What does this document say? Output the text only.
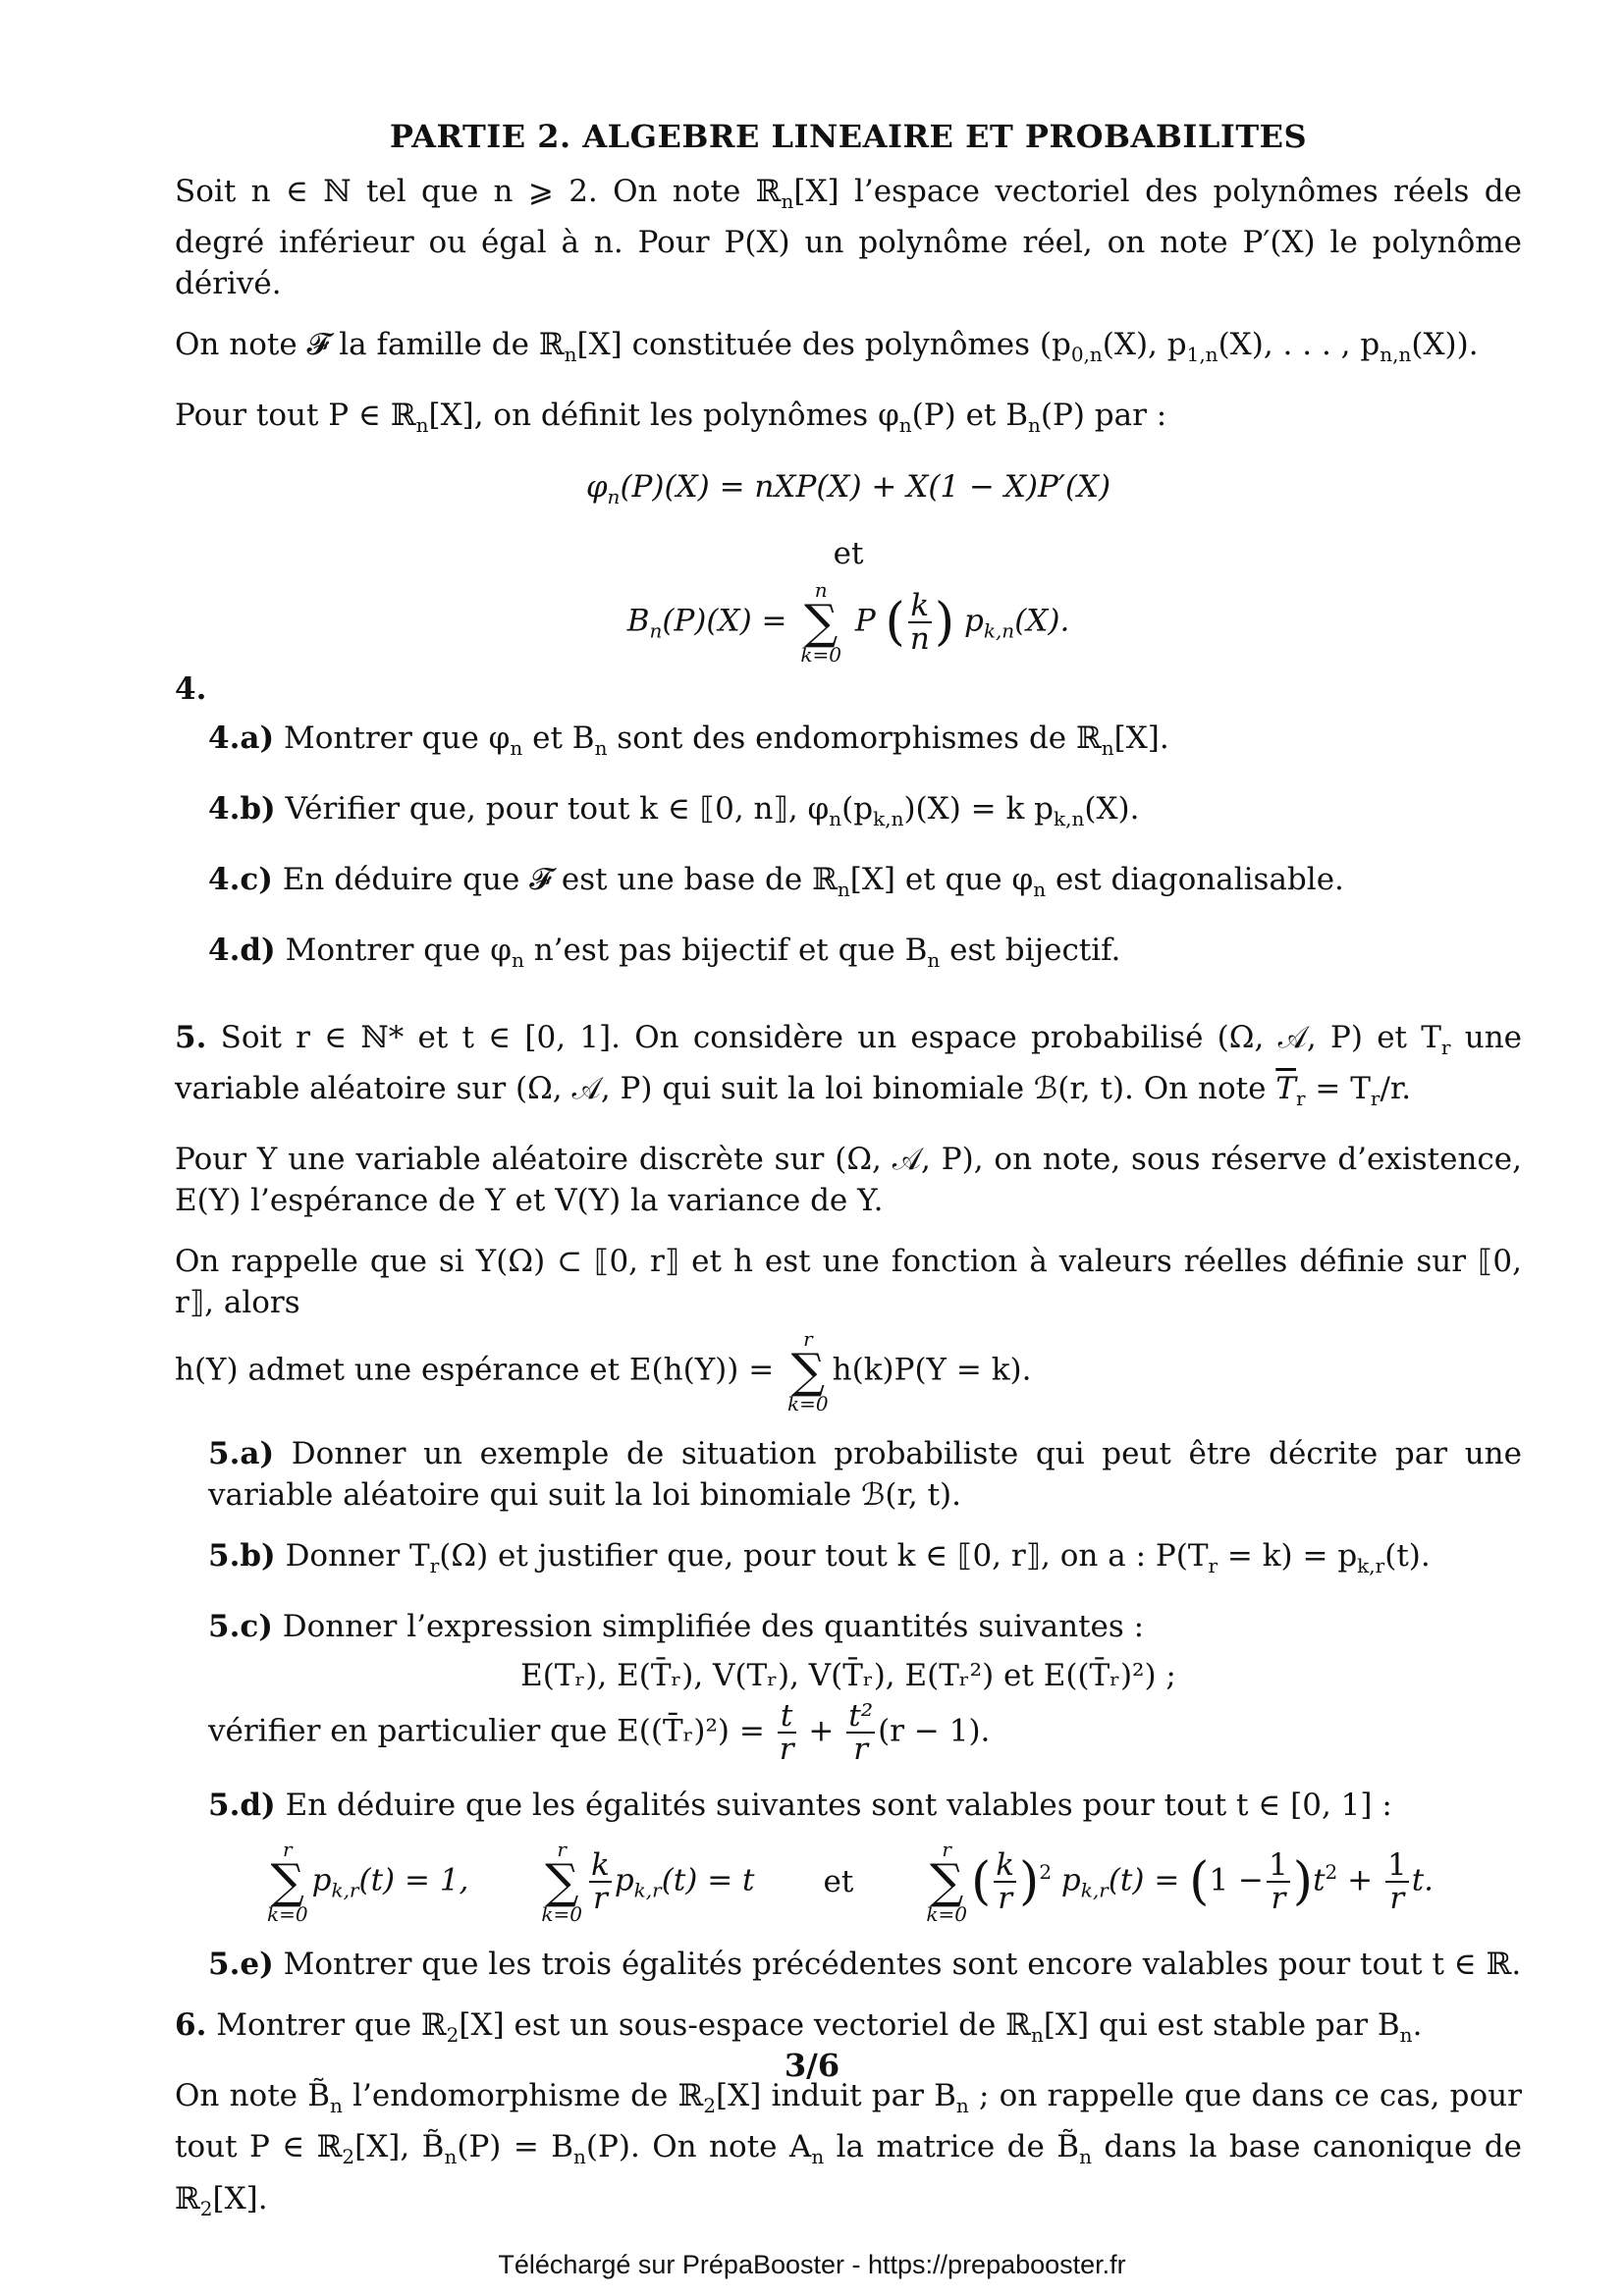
PARTIE 2. ALGEBRE LINEAIRE ET PROBABILITES

Soit n ∈ ℕ tel que n ⩾ 2. On note ℝ$_n$[X] l’espace vectoriel des polynômes réels de degré inférieur ou égal à n. Pour P(X) un polynôme réel, on note P′(X) le polynôme dérivé.

On note 𝓕 la famille de ℝ$_n$[X] constituée des polynômes ($p_{0,n}(X)$, $p_{1,n}(X)$, . . . , $p_{n,n}(X)$).

Pour tout P ∈ ℝ$_n$[X], on définit les polynômes $\varphi_n(P)$ et $B_n(P)$ par :

$\varphi_n(P)(X) = nXP(X) + X(1 - X)P'(X)$
et
$B_n(P)(X)$ =
n
∑
k=0
P ( $\frac{k}{n}$ ) $p_{k,n}(X)$.
4.

4.a) Montrer que $\varphi_n$ et $B_n$ sont des endomorphismes de ℝ$_n$[X].

4.b) Vérifier que, pour tout k ∈ ⟦0, n⟧, $\varphi_n(p_{k,n})(X) = k$ $p_{k,n}(X)$.

4.c) En déduire que 𝓕 est une base de ℝ$_n$[X] et que $\varphi_n$ est diagonalisable.

4.d) Montrer que $\varphi_n$ n’est pas bijectif et que $B_n$ est bijectif.

5. Soit r ∈ ℕ* et t ∈ [0, 1]. On considère un espace probabilisé (Ω, 𝒜, P) et $T_r$ une variable aléatoire sur (Ω, 𝒜, P) qui suit la loi binomiale ℬ(r, t). On note $\overline{T}_r = T_r/r$.

Pour Y une variable aléatoire discrète sur (Ω, 𝒜, P), on note, sous réserve d’existence, E(Y) l’espérance de Y et V(Y) la variance de Y.

On rappelle que si Y(Ω) ⊂ ⟦0, r⟧ et h est une fonction à valeurs réelles définie sur ⟦0, r⟧, alors

h(Y) admet une espérance et E(h(Y)) =
r
∑
k=0
h(k)P(Y = k).

5.a) Donner un exemple de situation probabiliste qui peut être décrite par une variable aléatoire qui suit la loi binomiale ℬ(r, t).

5.b) Donner $T_r(\Omega)$ et justifier que, pour tout k ∈ ⟦0, r⟧, on a : $P(T_r = k) = p_{k,r}(t)$.

5.c) Donner l’expression simplifiée des quantités suivantes :

E(Tᵣ), E(T̄ᵣ), V(Tᵣ), V(T̄ᵣ), E(Tᵣ²) et E((T̄ᵣ)²) ;

vérifier en particulier que E((T̄ᵣ)²) = $\frac{t}{r} + \frac{\text{t²}}{r} (r - 1)$.

5.d) En déduire que les égalités suivantes sont valables pour tout t ∈ [0, 1] :

r
∑
k=0
$p_{k,r}(t) = 1$,
r
∑
$k=0 \frac{k}{r} p_{k,r}(t) = t$ et
r
∑
k=0
( $\frac{k}{r} )^2$ $p_{k,r}(t) = (1 - \frac{1}{r} )t^2 + \frac{1}{r} t$.

5.e) Montrer que les trois égalités précédentes sont encore valables pour tout t ∈ ℝ.

6. Montrer que ℝ$_2$[X] est un sous-espace vectoriel de ℝ$_n$[X] qui est stable par $B_n$.

On note $B̃_n$ l’endomorphisme de ℝ$_2$[X] induit par $B_n$ ; on rappelle que dans ce cas, pour tout P ∈ ℝ$_2$[X], $B̃_n(P) = B_n(P)$. On note $A_n$ la matrice de $B̃_n$ dans la base canonique de ℝ$_2$[X].

3/6
Téléchargé sur PrépaBooster - https://prepabooster.fr
